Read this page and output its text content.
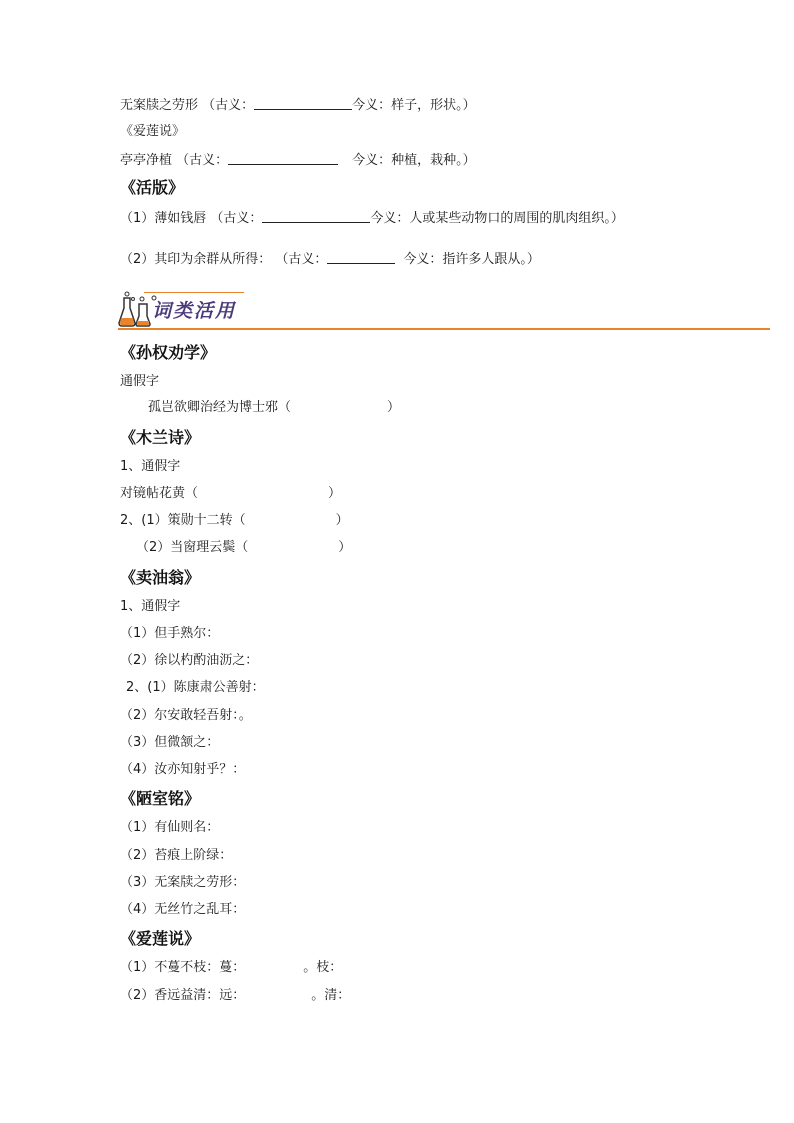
无案牍之劳形 （古义：	今义：样子，形状。）
《爱莲说》
亭亭净植 （古义：	今义：种植，栽种。）
《活版》
（1）薄如钱唇 （古义：	今义：人或某些动物口的周围的肌肉组织。）
（2）其印为余群从所得： （古义：	今义：指许多人跟从。）
词类活用
《孙权劝学》
通假字
孤岂欲卿治经为博士邪（	）
《木兰诗》
1、通假字
对镜帖花黄（	）
2、(1）策勋十二转（	）
（2）当窗理云鬓（	）
《卖油翁》
1、通假字
（1）但手熟尔：
（2）徐以杓酌油沥之：
2、(1）陈康肃公善射：
（2）尔安敢轻吾射：。
（3）但微颔之：
（4）汝亦知射乎？：
《陋室铭》
（1）有仙则名：
（2）苔痕上阶绿：
（3）无案牍之劳形：
（4）无丝竹之乱耳：
《爱莲说》
（1）不蔓不枝：蔓：	。枝：
（2）香远益清：远：	。清：
